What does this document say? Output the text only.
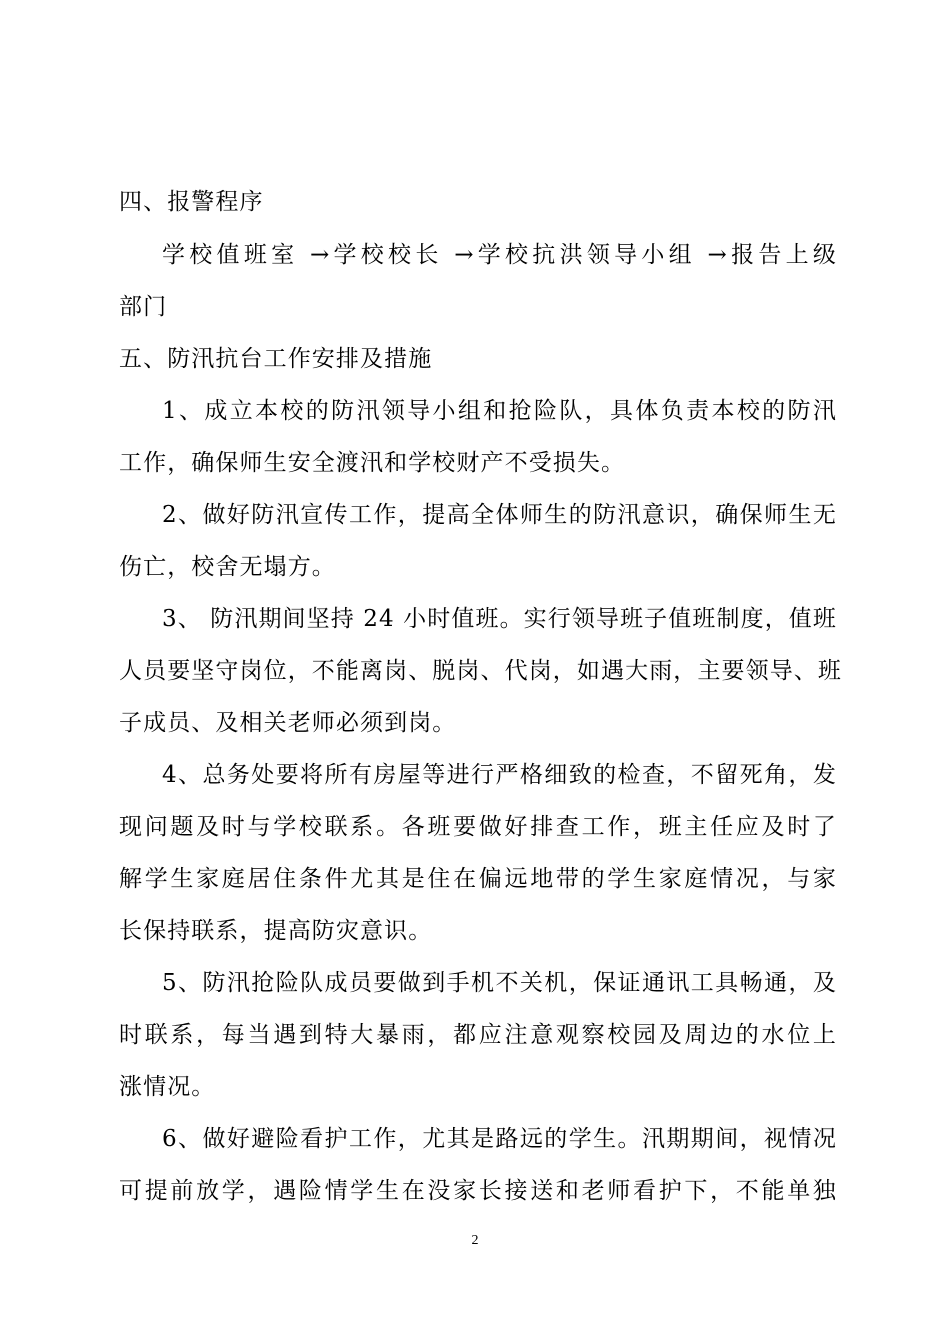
四、报警程序
学校值班室 →学校校长 →学校抗洪领导小组 →报告上级
部门
五、防汛抗台工作安排及措施
1、成立本校的防汛领导小组和抢险队，具体负责本校的防汛
工作，确保师生安全渡汛和学校财产不受损失。
2、做好防汛宣传工作，提高全体师生的防汛意识，确保师生无
伤亡，校舍无塌方。
3、 防汛期间坚持 24 小时值班。实行领导班子值班制度，值班
人员要坚守岗位，不能离岗、脱岗、代岗，如遇大雨，主要领导、班
子成员、及相关老师必须到岗。
4、总务处要将所有房屋等进行严格细致的检查，不留死角，发
现问题及时与学校联系。各班要做好排查工作，班主任应及时了
解学生家庭居住条件尤其是住在偏远地带的学生家庭情况，与家
长保持联系，提高防灾意识。
5、防汛抢险队成员要做到手机不关机，保证通讯工具畅通，及
时联系，每当遇到特大暴雨，都应注意观察校园及周边的水位上
涨情况。
6、做好避险看护工作，尤其是路远的学生。汛期期间，视情况
可提前放学，遇险情学生在没家长接送和老师看护下，不能单独
2
